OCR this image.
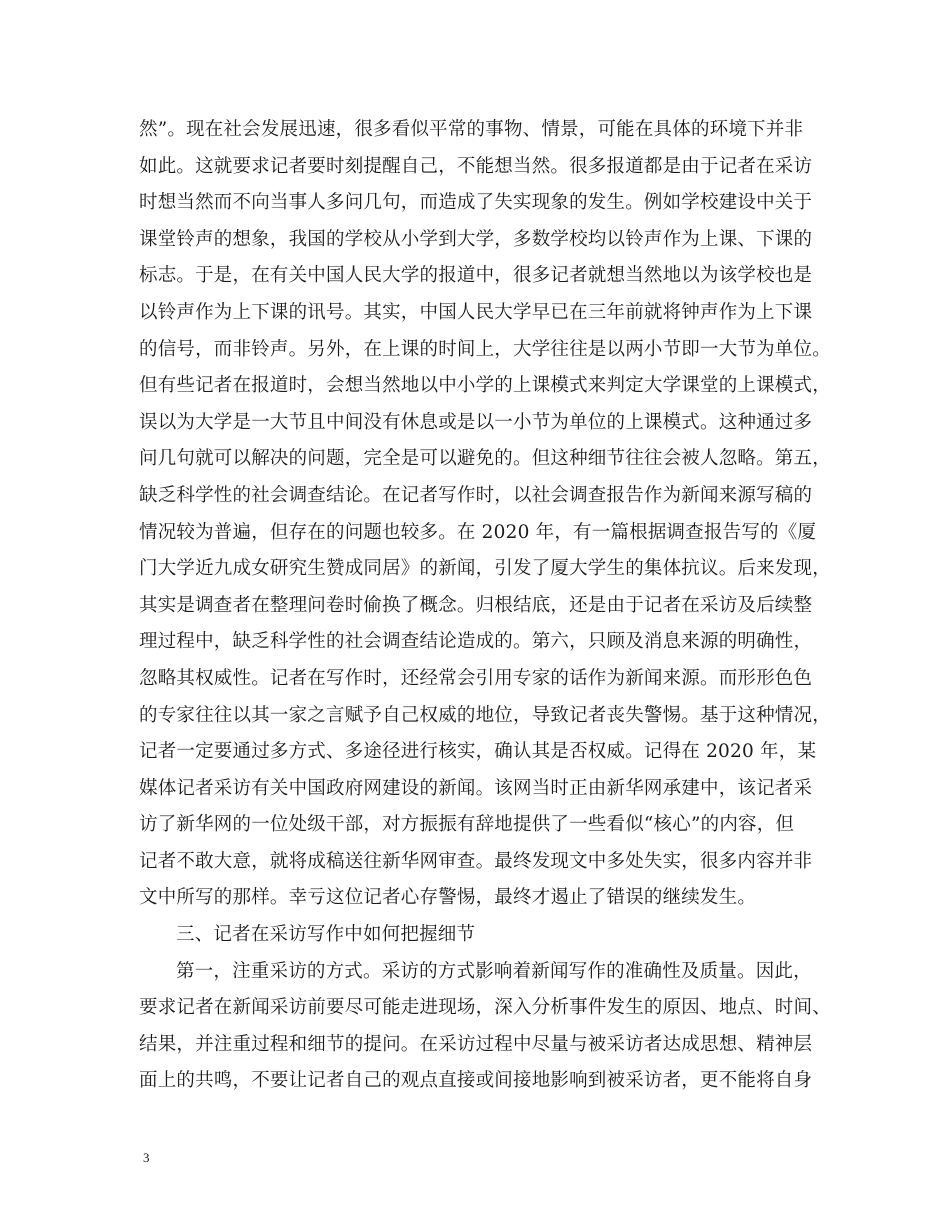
然”。现在社会发展迅速，很多看似平常的事物、情景，可能在具体的环境下并非
如此。这就要求记者要时刻提醒自己，不能想当然。很多报道都是由于记者在采访
时想当然而不向当事人多问几句，而造成了失实现象的发生。例如学校建设中关于
课堂铃声的想象，我国的学校从小学到大学，多数学校均以铃声作为上课、下课的
标志。于是，在有关中国人民大学的报道中，很多记者就想当然地以为该学校也是
以铃声作为上下课的讯号。其实，中国人民大学早已在三年前就将钟声作为上下课
的信号，而非铃声。另外，在上课的时间上，大学往往是以两小节即一大节为单位。
但有些记者在报道时，会想当然地以中小学的上课模式来判定大学课堂的上课模式，
误以为大学是一大节且中间没有休息或是以一小节为单位的上课模式。这种通过多
问几句就可以解决的问题，完全是可以避免的。但这种细节往往会被人忽略。第五，
缺乏科学性的社会调查结论。在记者写作时，以社会调查报告作为新闻来源写稿的
情况较为普遍，但存在的问题也较多。在 2020 年，有一篇根据调查报告写的《厦
门大学近九成女研究生赞成同居》的新闻，引发了厦大学生的集体抗议。后来发现，
其实是调查者在整理问卷时偷换了概念。归根结底，还是由于记者在采访及后续整
理过程中，缺乏科学性的社会调查结论造成的。第六，只顾及消息来源的明确性，
忽略其权威性。记者在写作时，还经常会引用专家的话作为新闻来源。而形形色色
的专家往往以其一家之言赋予自己权威的地位，导致记者丧失警惕。基于这种情况，
记者一定要通过多方式、多途径进行核实，确认其是否权威。记得在 2020 年，某
媒体记者采访有关中国政府网建设的新闻。该网当时正由新华网承建中，该记者采
访了新华网的一位处级干部，对方振振有辞地提供了一些看似“核心”的内容，但
记者不敢大意，就将成稿送往新华网审查。最终发现文中多处失实，很多内容并非
文中所写的那样。幸亏这位记者心存警惕，最终才遏止了错误的继续发生。
三、记者在采访写作中如何把握细节
第一，注重采访的方式。采访的方式影响着新闻写作的准确性及质量。因此，
要求记者在新闻采访前要尽可能走进现场，深入分析事件发生的原因、地点、时间、
结果，并注重过程和细节的提问。在采访过程中尽量与被采访者达成思想、精神层
面上的共鸣，不要让记者自己的观点直接或间接地影响到被采访者，更不能将自身
3
